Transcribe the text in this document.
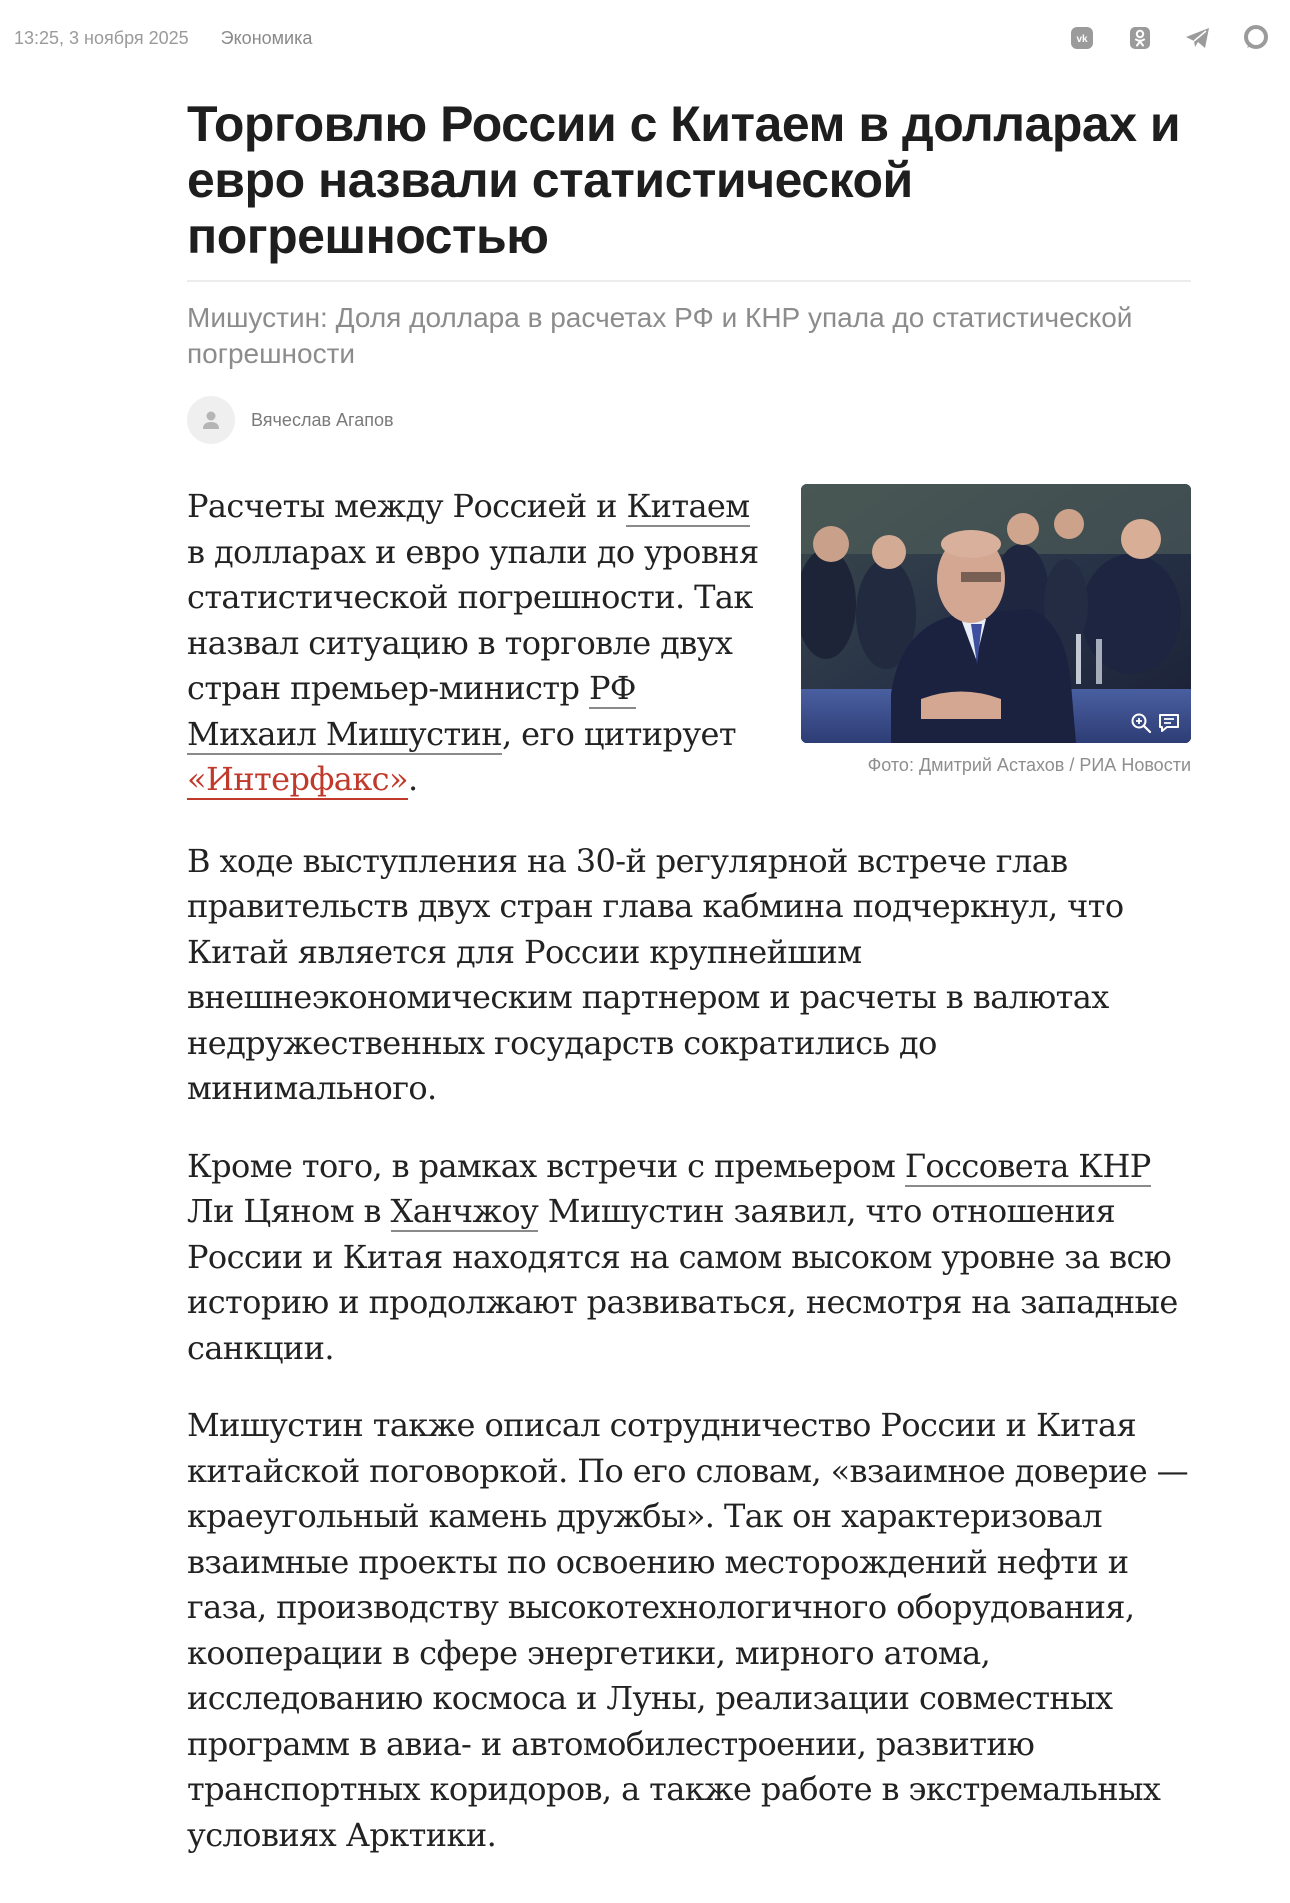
13:25, 3 ноября 2025 Экономика	vk
Торговлю России с Китаем в долларах и евро назвали статистической погрешностью
Мишустин: Доля доллара в расчетах РФ и КНР упала до статистической погрешности
Вячеслав Агапов
Фото: Дмитрий Астахов / РИА Новости

Расчеты между Россией и Китаем в долларах и евро упали до уровня статистической погрешности. Так назвал ситуацию в торговле двух стран премьер-министр РФ Михаил Мишустин, его цитирует «Интерфакс».

В ходе выступления на 30-й регулярной встрече глав правительств двух стран глава кабмина подчеркнул, что Китай является для России крупнейшим внешнеэкономическим партнером и расчеты в валютах недружественных государств сократились до минимального.

Кроме того, в рамках встречи с премьером Госсовета КНР Ли Цяном в Ханчжоу Мишустин заявил, что отношения России и Китая находятся на самом высоком уровне за всю историю и продолжают развиваться, несмотря на западные санкции.

Мишустин также описал сотрудничество России и Китая китайской поговоркой. По его словам, «взаимное доверие — краеугольный камень дружбы». Так он характеризовал взаимные проекты по освоению месторождений нефти и газа, производству высокотехнологичного оборудования, кооперации в сфере энергетики, мирного атома, исследованию космоса и Луны, реализации совместных программ в авиа- и автомобилестроении, развитию транспортных коридоров, а также работе в экстремальных условиях Арктики.
